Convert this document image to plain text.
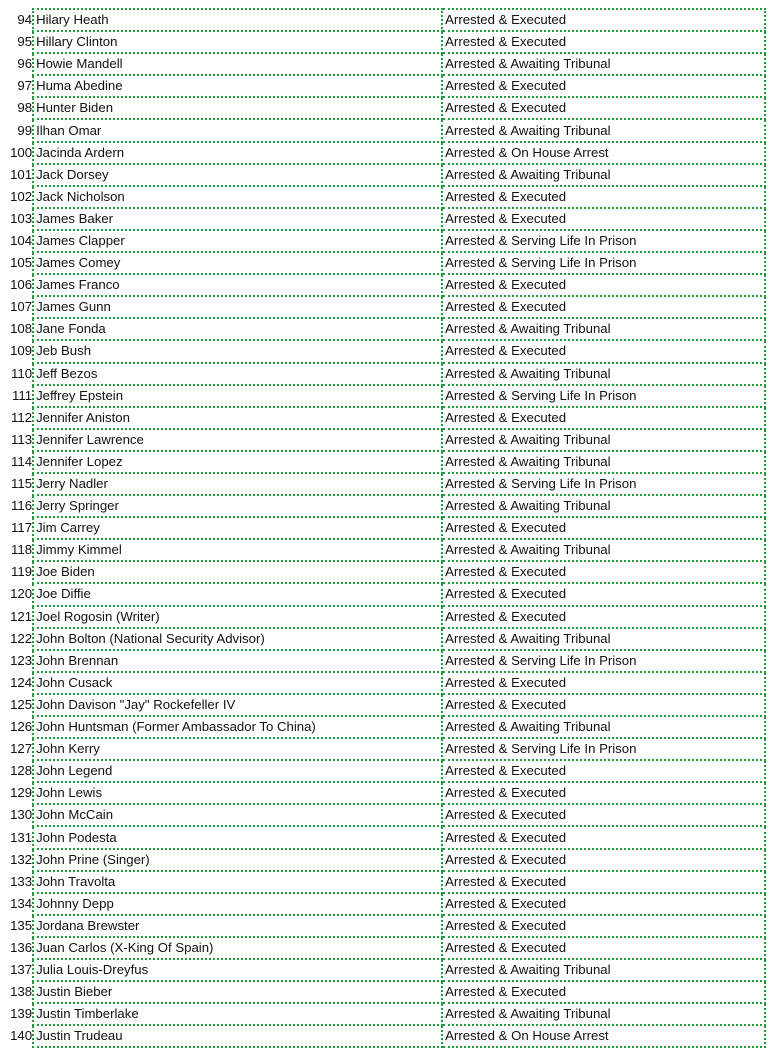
94	Hilary Heath	Arrested & Executed
95	Hillary Clinton	Arrested & Executed
96	Howie Mandell	Arrested & Awaiting Tribunal
97	Huma Abedine	Arrested & Executed
98	Hunter Biden	Arrested & Executed
99	Ilhan Omar	Arrested & Awaiting Tribunal
100	Jacinda Ardern	Arrested & On House Arrest
101	Jack Dorsey	Arrested & Awaiting Tribunal
102	Jack Nicholson	Arrested & Executed
103	James Baker	Arrested & Executed
104	James Clapper	Arrested & Serving Life In Prison
105	James Comey	Arrested & Serving Life In Prison
106	James Franco	Arrested & Executed
107	James Gunn	Arrested & Executed
108	Jane Fonda	Arrested & Awaiting Tribunal
109	Jeb Bush	Arrested & Executed
110	Jeff Bezos	Arrested & Awaiting Tribunal
111	Jeffrey Epstein	Arrested & Serving Life In Prison
112	Jennifer Aniston	Arrested & Executed
113	Jennifer Lawrence	Arrested & Awaiting Tribunal
114	Jennifer Lopez	Arrested & Awaiting Tribunal
115	Jerry Nadler	Arrested & Serving Life In Prison
116	Jerry Springer	Arrested & Awaiting Tribunal
117	Jim Carrey	Arrested & Executed
118	Jimmy Kimmel	Arrested & Awaiting Tribunal
119	Joe Biden	Arrested & Executed
120	Joe Diffie	Arrested & Executed
121	Joel Rogosin (Writer)	Arrested & Executed
122	John Bolton (National Security Advisor)	Arrested & Awaiting Tribunal
123	John Brennan	Arrested & Serving Life In Prison
124	John Cusack	Arrested & Executed
125	John Davison "Jay" Rockefeller IV	Arrested & Executed
126	John Huntsman (Former Ambassador To China)	Arrested & Awaiting Tribunal
127	John Kerry	Arrested & Serving Life In Prison
128	John Legend	Arrested & Executed
129	John Lewis	Arrested & Executed
130	John McCain	Arrested & Executed
131	John Podesta	Arrested & Executed
132	John Prine (Singer)	Arrested & Executed
133	John Travolta	Arrested & Executed
134	Johnny Depp	Arrested & Executed
135	Jordana Brewster	Arrested & Executed
136	Juan Carlos (X-King Of Spain)	Arrested & Executed
137	Julia Louis-Dreyfus	Arrested & Awaiting Tribunal
138	Justin Bieber	Arrested & Executed
139	Justin Timberlake	Arrested & Awaiting Tribunal
140	Justin Trudeau	Arrested & On House Arrest
